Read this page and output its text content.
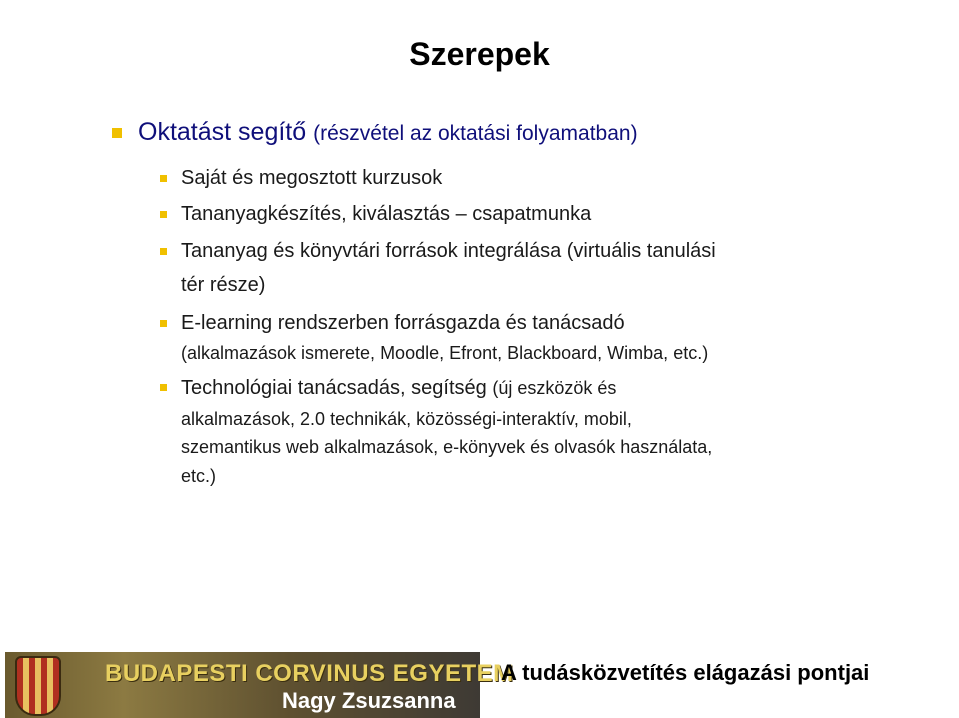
Szerepek
Oktatást segítő (részvétel az oktatási folyamatban)
Saját és megosztott kurzusok
Tananyagkészítés, kiválasztás – csapatmunka
Tananyag és könyvtári források integrálása (virtuális tanulási
tér része)
E-learning rendszerben forrásgazda és tanácsadó
(alkalmazások ismerete, Moodle, Efront, Blackboard, Wimba, etc.)
Technológiai tanácsadás, segítség (új eszközök és
alkalmazások, 2.0 technikák, közösségi-interaktív, mobil,
szemantikus web alkalmazások, e-könyvek és olvasók használata,
etc.)
BUDAPESTI CORVINUS EGYETEM
Nagy Zsuzsanna
A tudásközvetítés elágazási pontjai
